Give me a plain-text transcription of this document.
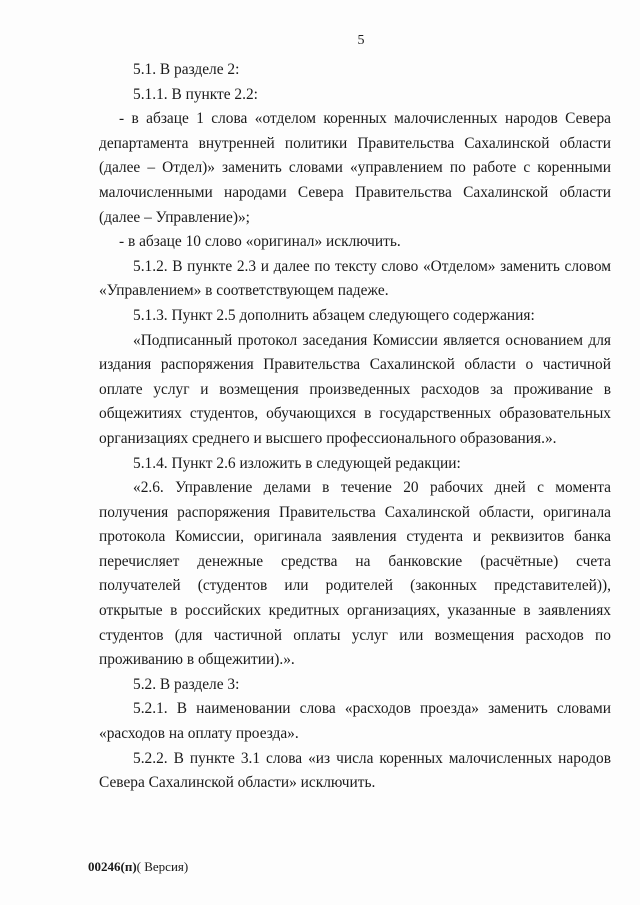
5

5.1. В разделе 2:

5.1.1. В пункте 2.2:

- в абзаце 1 слова «отделом коренных малочисленных народов Севера департамента внутренней политики Правительства Сахалинской области (далее – Отдел)» заменить словами «управлением по работе с коренными малочисленными народами Севера Правительства Сахалинской области (далее – Управление)»;

- в абзаце 10 слово «оригинал» исключить.

5.1.2. В пункте 2.3 и далее по тексту слово «Отделом» заменить словом «Управлением» в соответствующем падеже.

5.1.3. Пункт 2.5 дополнить абзацем следующего содержания:

«Подписанный протокол заседания Комиссии является основанием для издания распоряжения Правительства Сахалинской области о частичной оплате услуг и возмещения произведенных расходов за проживание в общежитиях студентов, обучающихся в государственных образовательных организациях среднего и высшего профессионального образования.».

5.1.4. Пункт 2.6 изложить в следующей редакции:

«2.6. Управление делами в течение 20 рабочих дней с момента получения распоряжения Правительства Сахалинской области, оригинала протокола Комиссии, оригинала заявления студента и реквизитов банка перечисляет денежные средства на банковские (расчётные) счета получателей (студентов или родителей (законных представителей)), открытые в российских кредитных организациях, указанные в заявлениях студентов (для частичной оплаты услуг или возмещения расходов по проживанию в общежитии).».

5.2. В разделе 3:

5.2.1. В наименовании слова «расходов проезда» заменить словами «расходов на оплату проезда».

5.2.2. В пункте 3.1 слова «из числа коренных малочисленных народов Севера Сахалинской области» исключить.

00246(п)( Версия)
